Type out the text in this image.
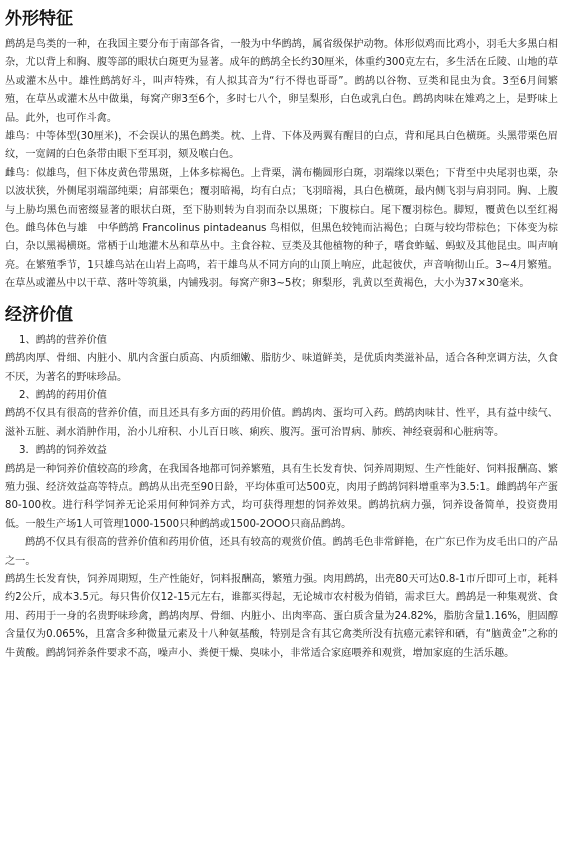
外形特征

鹧鸪是鸟类的一种，在我国主要分布于南部各省，一般为中华鹧鸪，属省级保护动物。体形似鸡而比鸡小，羽毛大多黑白相杂，尤以背上和胸、腹等部的眼状白斑更为显著。成年的鹧鸪全长约30厘米，体重约300克左右，多生活在丘陵、山地的草丛或灌木丛中。雄性鹧鸪好斗，叫声特殊，有人拟其音为“行不得也哥哥”。鹧鸪以谷物、豆类和昆虫为食。3至6月间繁殖，在草丛或灌木丛中做巢，每窝产卵3至6个，多时七八个，卵呈梨形，白色或乳白色。鹧鸪肉味在雉鸡之上，是野味上品。此外，也可作斗禽。

雄鸟：中等体型(30厘米)，不会误认的黑色鹧类。枕、上背、下体及两翼有醒目的白点，背和尾具白色横斑。头黑带栗色眉纹，一宽阔的白色条带由眼下至耳羽，颏及喉白色。

雌鸟：似雄鸟，但下体皮黄色带黑斑，上体多棕褐色。上背栗，满布椭圆形白斑，羽端缘以栗色；下背至中央尾羽也栗，杂以波状狭，外侧尾羽端部纯栗；肩部栗色；覆羽暗褐，均有白点；飞羽暗褐，具白色横斑，最内侧飞羽与肩羽同。胸、上腹与上胁均黑色而密缀显著的眼状白斑，至下胁则转为自羽而杂以黑斑；下腹棕白。尾下覆羽棕色。脚短，覆黄色以至红褐色。雌鸟体色与雄　中华鹧鸪 Francolinus pintadeanus 鸟相似，但黑色较钝而沾褐色；白斑与较均带棕色；下体变为棕白，杂以黑褐横斑。常栖于山地灌木丛和草丛中。主食谷粒、豆类及其他植物的种子，嗜食蚱蜢、蚂蚁及其他昆虫。叫声响亮。在繁殖季节，1只雄鸟站在山岩上高鸣，若干雄鸟从不同方向的山顶上响应，此起彼伏，声音响彻山丘。3~4月繁殖。在草丛或灌丛中以干草、落叶等筑巢，内铺残羽。每窝产卵3~5枚；卵梨形，乳黄以至黄褐色，大小为37×30毫米。

经济价值

1、鹧鸪的营养价值

鹧鸪肉厚、骨细、内脏小、肌内含蛋白质高、内质细嫩、脂肪少、味道鲜美，是优质肉类滋补品，适合各种烹调方法，久食不厌，为著名的野味珍品。

2、鹧鸪的药用价值

鹧鸪不仅具有很高的营养价值，而且还具有多方面的药用价值。鹧鸪肉、蛋均可入药。鹧鸪肉味甘、性平，具有益中续气、滋补五脏、剥水消肿作用，治小儿疳积、小儿百日咳、痢疾、腹泻。蛋可治胃病、肺疾、神经衰弱和心脏病等。

3．鹧鸪的饲养效益

鹧鸪是一种饲养价值较高的珍禽，在我国各地都可饲养繁殖，具有生长发育快、饲养周期短、生产性能好、饲料报酬高、繁殖力强、经济效益高等特点。鹧鸪从出壳至90日龄，平均体重可达500克，肉用子鹧鸪饲料增重率为3.5:1。雌鹧鸪年产蛋80-100枚。进行科学饲养无论采用何种饲养方式，均可获得理想的饲养效果。鹧鸪抗病力强，饲养设备简单，投资费用低。一般生产场1人可管理1000-1500只种鹧鸪或1500-2OOO只商品鹧鸪。

鹧鸪不仅具有很高的营养价值和药用价值，还具有较高的观赏价值。鹧鸪毛色非常鲜艳，在广东已作为皮毛出口的产品之一。

鹧鸪生长发育快，饲养周期短，生产性能好，饲料报酬高，繁殖力强。肉用鹧鸪，出壳80天可达0.8-1市斤即可上市，耗料约2公斤，成本3.5元。每只售价仅12-15元左右，谁都买得起，无论城市农村极为俏销，需求巨大。鹧鸪是一种集观赏、食用、药用于一身的名贵野味珍禽，鹧鸪肉厚、骨细、内脏小、出肉率高、蛋白质含量为24.82%，脂肪含量1.16%，胆固醇含量仅为0.065%，且富含多种微量元素及十八种氨基酸，特别是含有其它禽类所没有抗癌元素锌和硒，有“脑黄金”之称的牛黄酸。鹧鸪饲养条件要求不高，噪声小、粪便干燥、臭味小，非常适合家庭喂养和观赏，增加家庭的生活乐趣。
